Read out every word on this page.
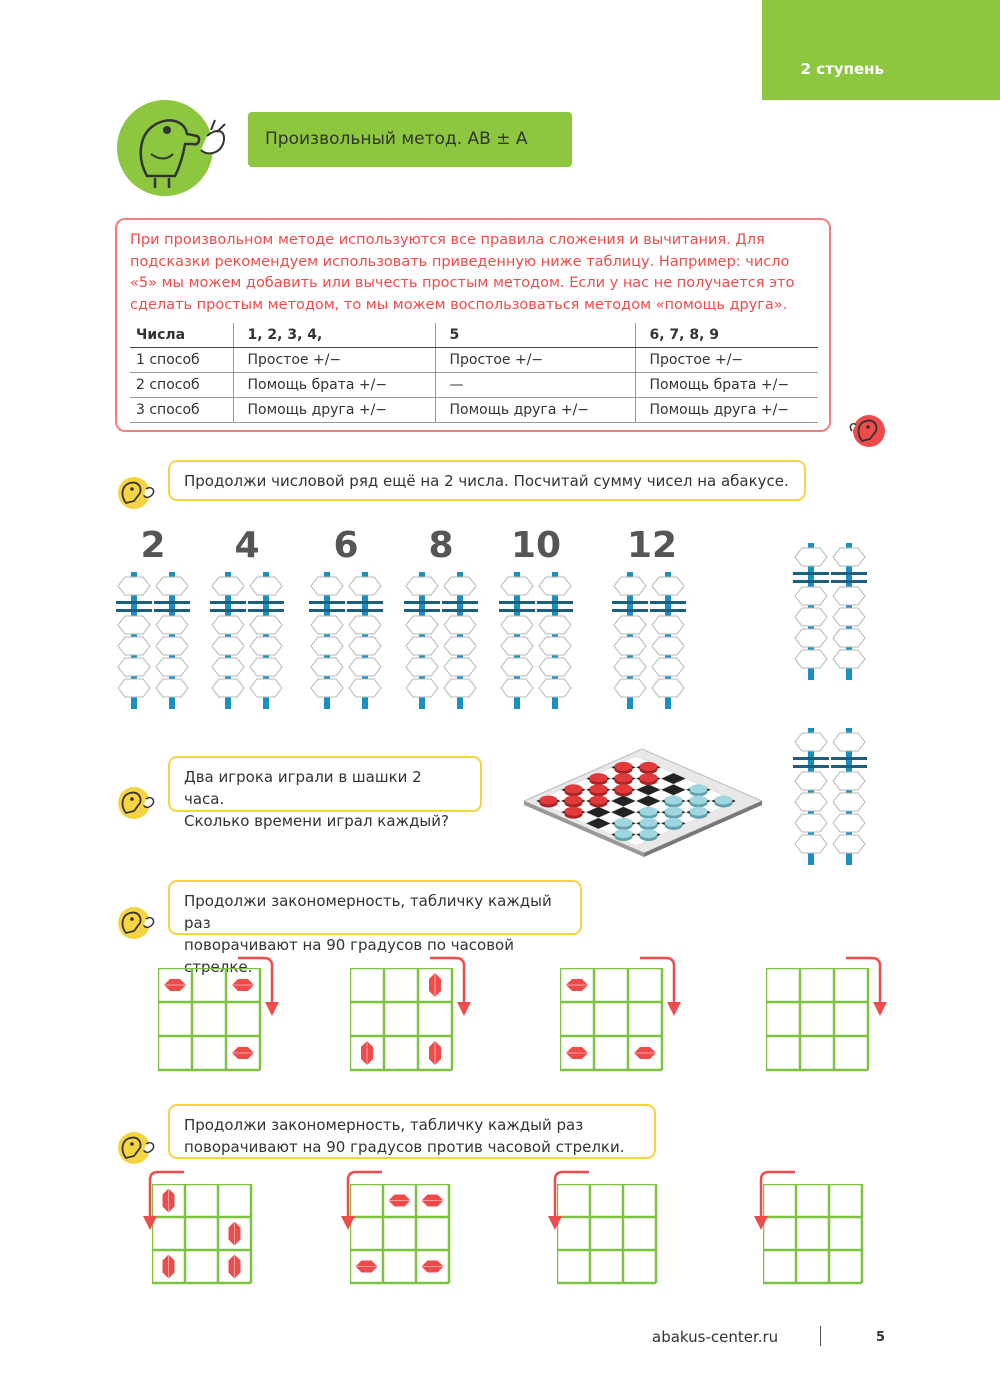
2 ступень
Произвольный метод. АВ ± А
При произвольном методе используются все правила сложения и вычитания. Для подсказки рекомендуем использовать приведенную ниже таблицу. Например: число «5» мы можем добавить или вычесть простым методом. Если у нас не получается это сделать простым методом, то мы можем воспользоваться методом «помощь друга».
Числа	1, 2, 3, 4,	5	6, 7, 8, 9
1 способ	Простое +/−	Простое +/−	Простое +/−
2 способ	Помощь брата +/−	—	Помощь брата +/−
3 способ	Помощь друга +/−	Помощь друга +/−	Помощь друга +/−
Продолжи числовой ряд ещё на 2 числа. Посчитай сумму чисел на абакусе.
2	4	6	8	10 12
Два игрока играли в шашки 2 часа.
Сколько времени играл каждый?
Продолжи закономерность, табличку каждый раз
поворачивают на 90 градусов по часовой стрелке.
Продолжи закономерность, табличку каждый раз
поворачивают на 90 градусов против часовой стрелки.
abakus-center.ru	5
